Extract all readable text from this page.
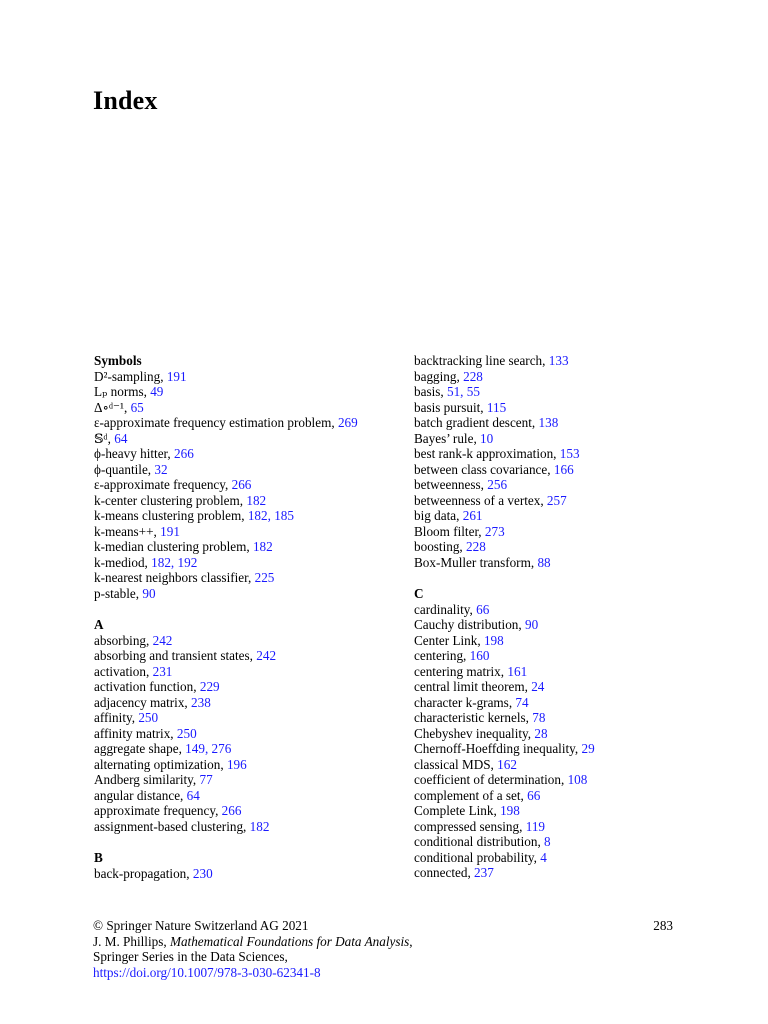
Index
Symbols
D²-sampling, 191
Lₚ norms, 49
Δ∘ᵈ⁻¹, 65
ε-approximate frequency estimation problem, 269
𝕊ᵈ, 64
ϕ-heavy hitter, 266
ϕ-quantile, 32
ε-approximate frequency, 266
k-center clustering problem, 182
k-means clustering problem, 182, 185
k-means++, 191
k-median clustering problem, 182
k-mediod, 182, 192
k-nearest neighbors classifier, 225
p-stable, 90
A
absorbing, 242
absorbing and transient states, 242
activation, 231
activation function, 229
adjacency matrix, 238
affinity, 250
affinity matrix, 250
aggregate shape, 149, 276
alternating optimization, 196
Andberg similarity, 77
angular distance, 64
approximate frequency, 266
assignment-based clustering, 182
B
back-propagation, 230
backtracking line search, 133
bagging, 228
basis, 51, 55
basis pursuit, 115
batch gradient descent, 138
Bayes’ rule, 10
best rank-k approximation, 153
between class covariance, 166
betweenness, 256
betweenness of a vertex, 257
big data, 261
Bloom filter, 273
boosting, 228
Box-Muller transform, 88
C
cardinality, 66
Cauchy distribution, 90
Center Link, 198
centering, 160
centering matrix, 161
central limit theorem, 24
character k-grams, 74
characteristic kernels, 78
Chebyshev inequality, 28
Chernoff-Hoeffding inequality, 29
classical MDS, 162
coefficient of determination, 108
complement of a set, 66
Complete Link, 198
compressed sensing, 119
conditional distribution, 8
conditional probability, 4
connected, 237
© Springer Nature Switzerland AG 2021
J. M. Phillips, Mathematical Foundations for Data Analysis,
Springer Series in the Data Sciences,
https://doi.org/10.1007/978-3-030-62341-8
283
